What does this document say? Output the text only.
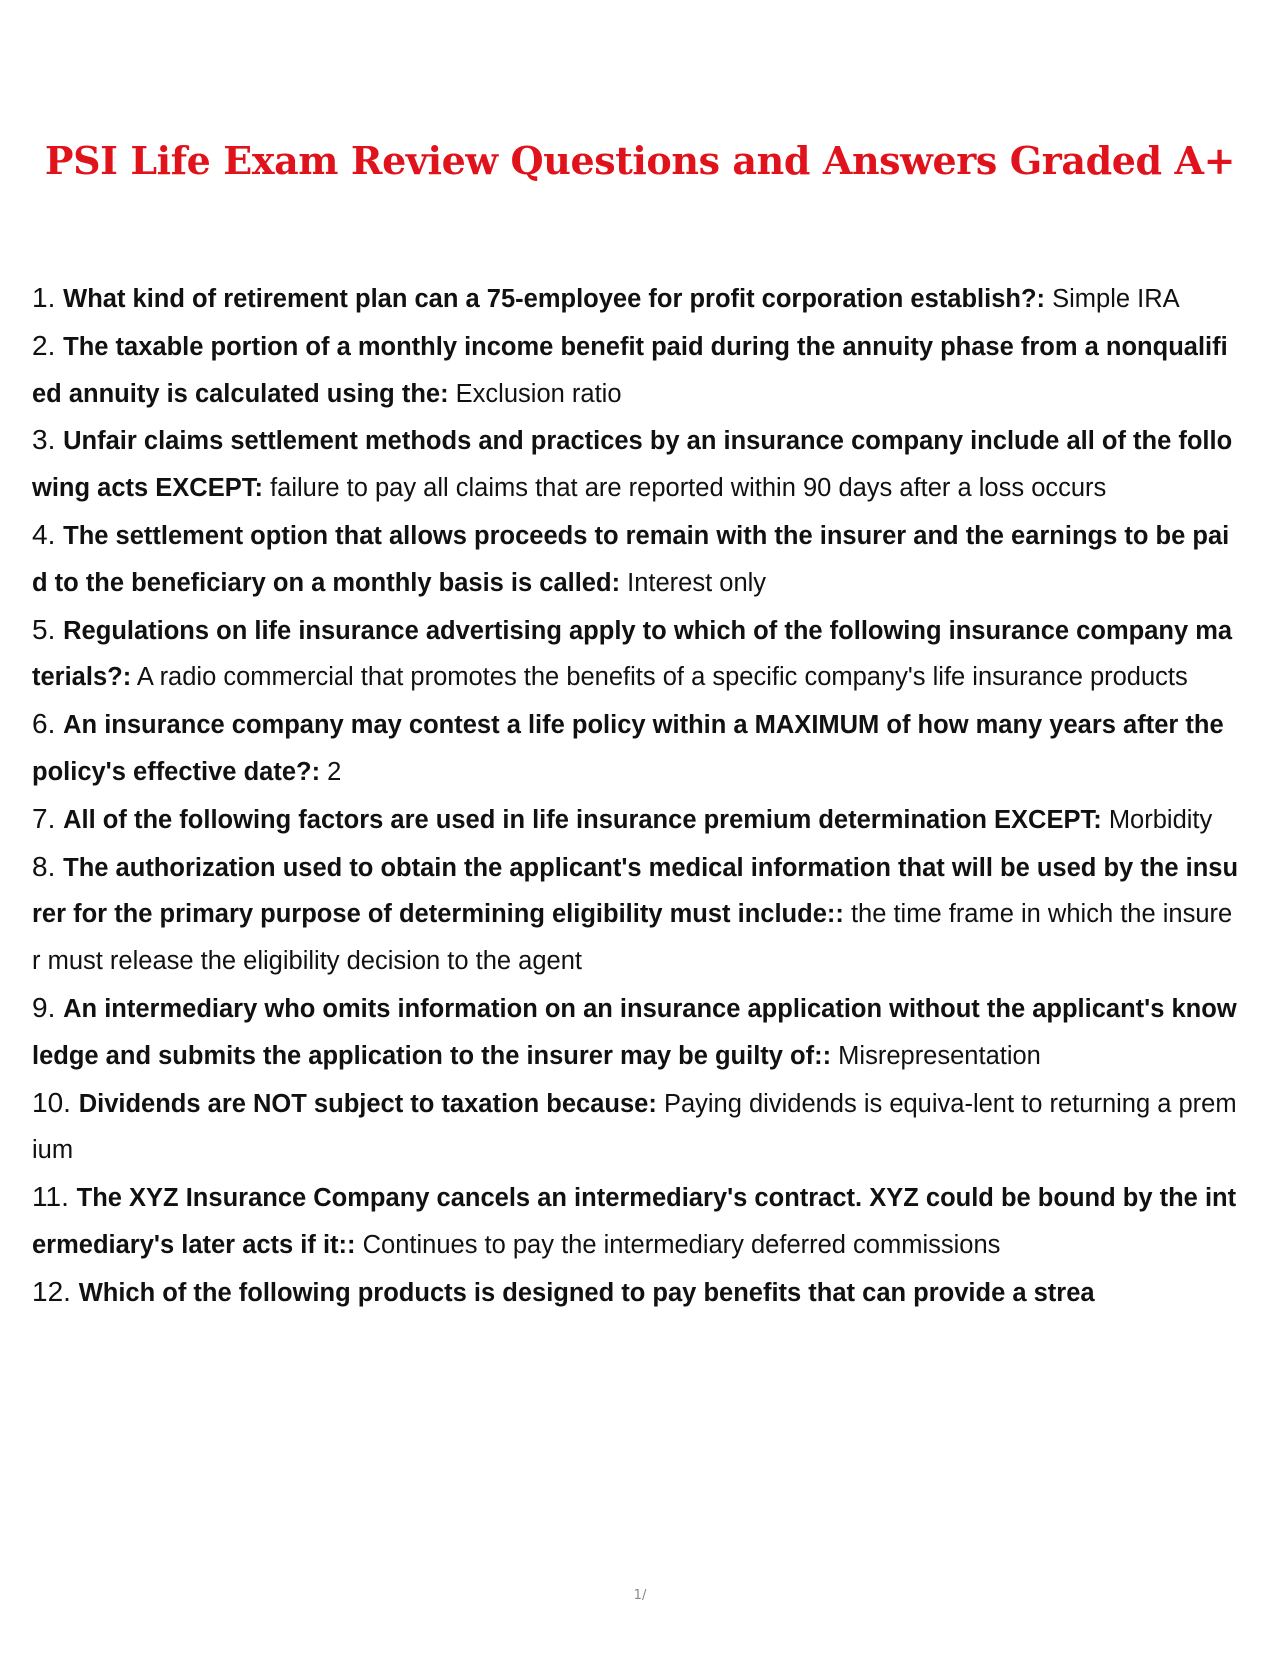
PSI Life Exam Review Questions and Answers Graded A+

1. What kind of retirement plan can a 75-employee for profit corporation establish?: Simple IRA

2. The taxable portion of a monthly income benefit paid during the annuity phase from a nonqualified annuity is calculated using the: Exclusion ratio

3. Unfair claims settlement methods and practices by an insurance company include all of the following acts EXCEPT: failure to pay all claims that are reported within 90 days after a loss occurs

4. The settlement option that allows proceeds to remain with the insurer and the earnings to be paid to the beneficiary on a monthly basis is called: Interest only

5. Regulations on life insurance advertising apply to which of the following insurance company materials?: A radio commercial that promotes the benefits of a specific company's life insurance products

6. An insurance company may contest a life policy within a MAXIMUM of how many years after the policy's effective date?: 2

7. All of the following factors are used in life insurance premium determination EXCEPT: Morbidity

8. The authorization used to obtain the applicant's medical information that will be used by the insurer for the primary purpose of determining eligibility must include:: the time frame in which the insurer must release the eligibility decision to the agent

9. An intermediary who omits information on an insurance application without the applicant's knowledge and submits the application to the insurer may be guilty of:: Misrepresentation

10. Dividends are NOT subject to taxation because: Paying dividends is equiva-lent to returning a premium

11. The XYZ Insurance Company cancels an intermediary's contract. XYZ could be bound by the intermediary's later acts if it:: Continues to pay the intermediary deferred commissions

12. Which of the following products is designed to pay benefits that can provide a strea

1/
